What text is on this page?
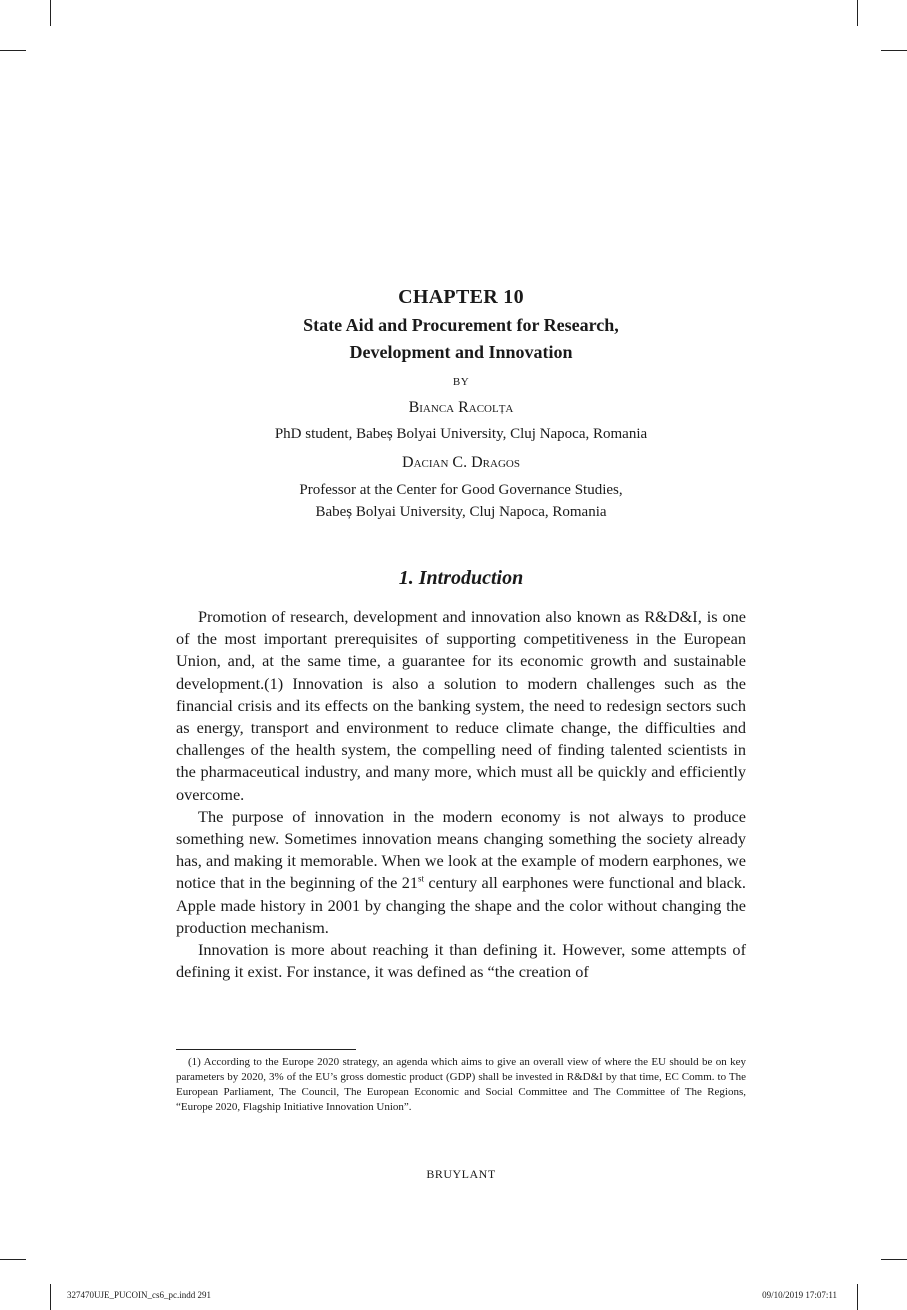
CHAPTER 10
State Aid and Procurement for Research,
Development and Innovation
BY
Bianca Racolța
PhD student, Babeș Bolyai University, Cluj Napoca, Romania
Dacian C. Dragos
Professor at the Center for Good Governance Studies,
Babeș Bolyai University, Cluj Napoca, Romania
1. Introduction

Promotion of research, development and innovation also known as R&D&I, is one of the most important prerequisites of supporting competitiveness in the European Union, and, at the same time, a guarantee for its economic growth and sustainable development.(1) Innovation is also a solution to modern challenges such as the financial crisis and its effects on the banking system, the need to redesign sectors such as energy, transport and environment to reduce climate change, the difficulties and challenges of the health system, the compelling need of finding talented scientists in the pharmaceutical industry, and many more, which must all be quickly and efficiently overcome.

The purpose of innovation in the modern economy is not always to produce something new. Sometimes innovation means changing something the society already has, and making it memorable. When we look at the example of modern earphones, we notice that in the beginning of the 21st century all earphones were functional and black. Apple made history in 2001 by changing the shape and the color without changing the production mechanism.

Innovation is more about reaching it than defining it. However, some attempts of defining it exist. For instance, it was defined as “the creation of

(1) According to the Europe 2020 strategy, an agenda which aims to give an overall view of where the EU should be on key parameters by 2020, 3% of the EU’s gross domestic product (GDP) shall be invested in R&D&I by that time, EC Comm. to The European Parliament, The Council, The European Economic and Social Committee and The Committee of The Regions, “Europe 2020, Flagship Initiative Innovation Union”.
BRUYLANT
327470UJE_PUCOIN_cs6_pc.indd 291	09/10/2019 17:07:11
